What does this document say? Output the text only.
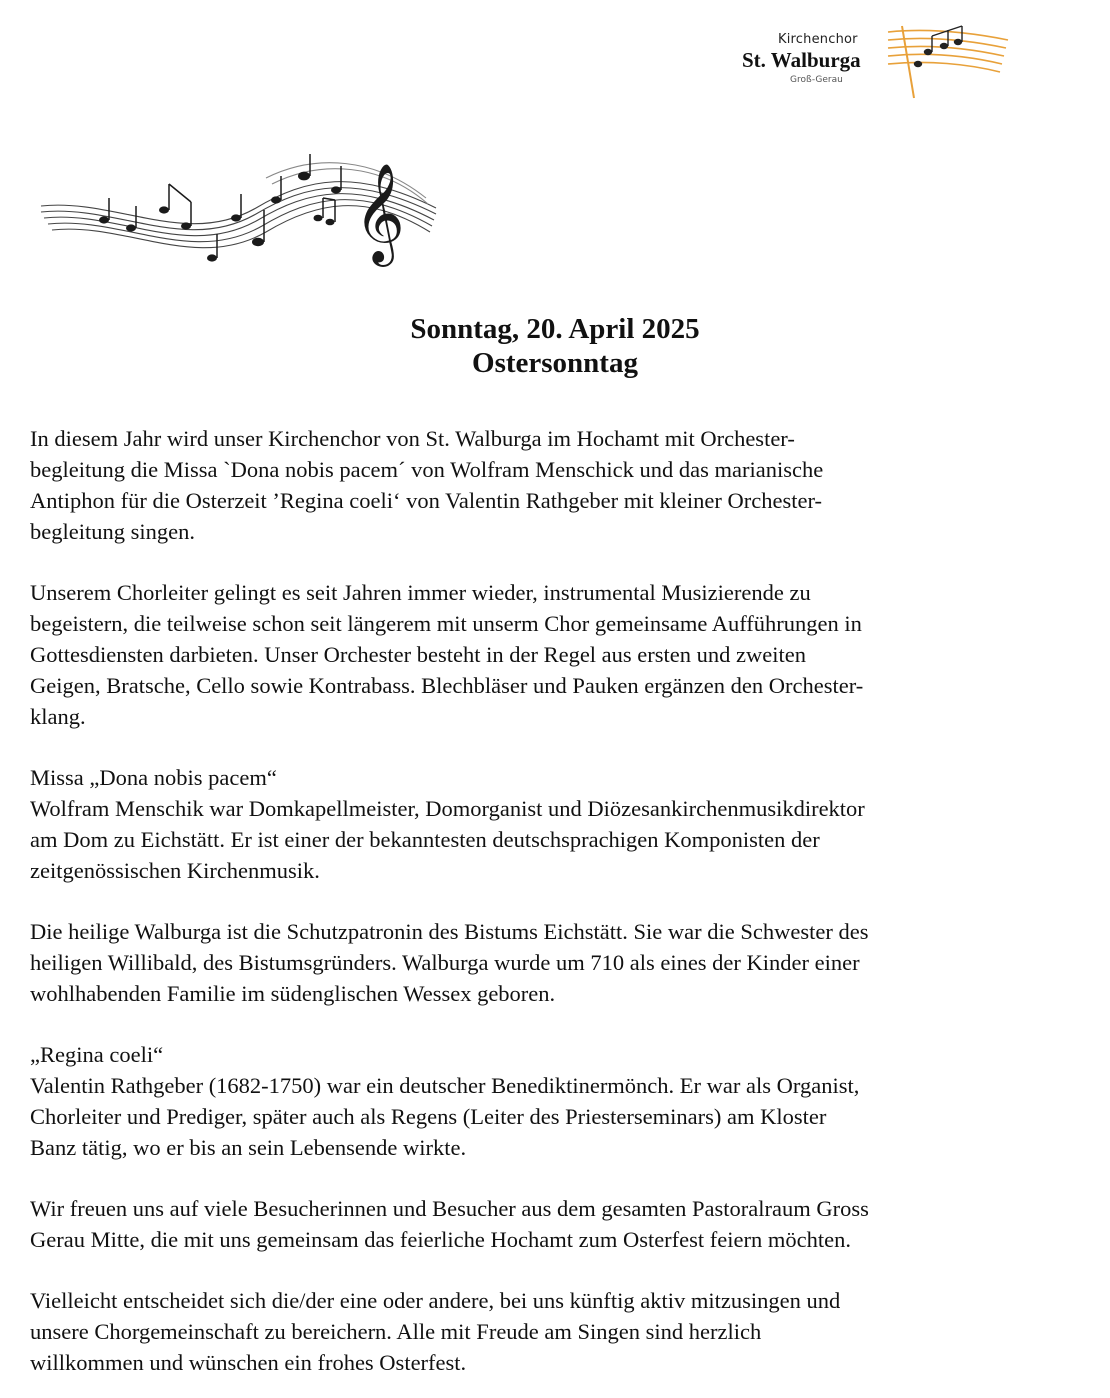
Kirchenchor
St. Walburga
Groß-Gerau
𝄞
Sonntag, 20. April 2025
Ostersonntag

In diesem Jahr wird unser Kirchenchor von St. Walburga im Hochamt mit Orchester-
begleitung die Missa `Dona nobis pacem´ von Wolfram Menschick und das marianische
Antiphon für die Osterzeit ’Regina coeli‘ von Valentin Rathgeber mit kleiner Orchester-
begleitung singen.

Unserem Chorleiter gelingt es seit Jahren immer wieder, instrumental Musizierende zu
begeistern, die teilweise schon seit längerem mit unserm Chor gemeinsame Aufführungen in
Gottesdiensten darbieten. Unser Orchester besteht in der Regel aus ersten und zweiten
Geigen, Bratsche, Cello sowie Kontrabass. Blechbläser und Pauken ergänzen den Orchester-
klang.

Missa „Dona nobis pacem“
Wolfram Menschik war Domkapellmeister, Domorganist und Diözesankirchenmusikdirektor
am Dom zu Eichstätt. Er ist einer der bekanntesten deutschsprachigen Komponisten der
zeitgenössischen Kirchenmusik.

Die heilige Walburga ist die Schutzpatronin des Bistums Eichstätt. Sie war die Schwester des
heiligen Willibald, des Bistumsgründers. Walburga wurde um 710 als eines der Kinder einer
wohlhabenden Familie im südenglischen Wessex geboren.

„Regina coeli“
Valentin Rathgeber (1682-1750) war ein deutscher Benediktinermönch. Er war als Organist,
Chorleiter und Prediger, später auch als Regens (Leiter des Priesterseminars) am Kloster
Banz tätig, wo er bis an sein Lebensende wirkte.

Wir freuen uns auf viele Besucherinnen und Besucher aus dem gesamten Pastoralraum Gross
Gerau Mitte, die mit uns gemeinsam das feierliche Hochamt zum Osterfest feiern möchten.

Vielleicht entscheidet sich die/der eine oder andere, bei uns künftig aktiv mitzusingen und
unsere Chorgemeinschaft zu bereichern. Alle mit Freude am Singen sind herzlich
willkommen und wünschen ein frohes Osterfest.
